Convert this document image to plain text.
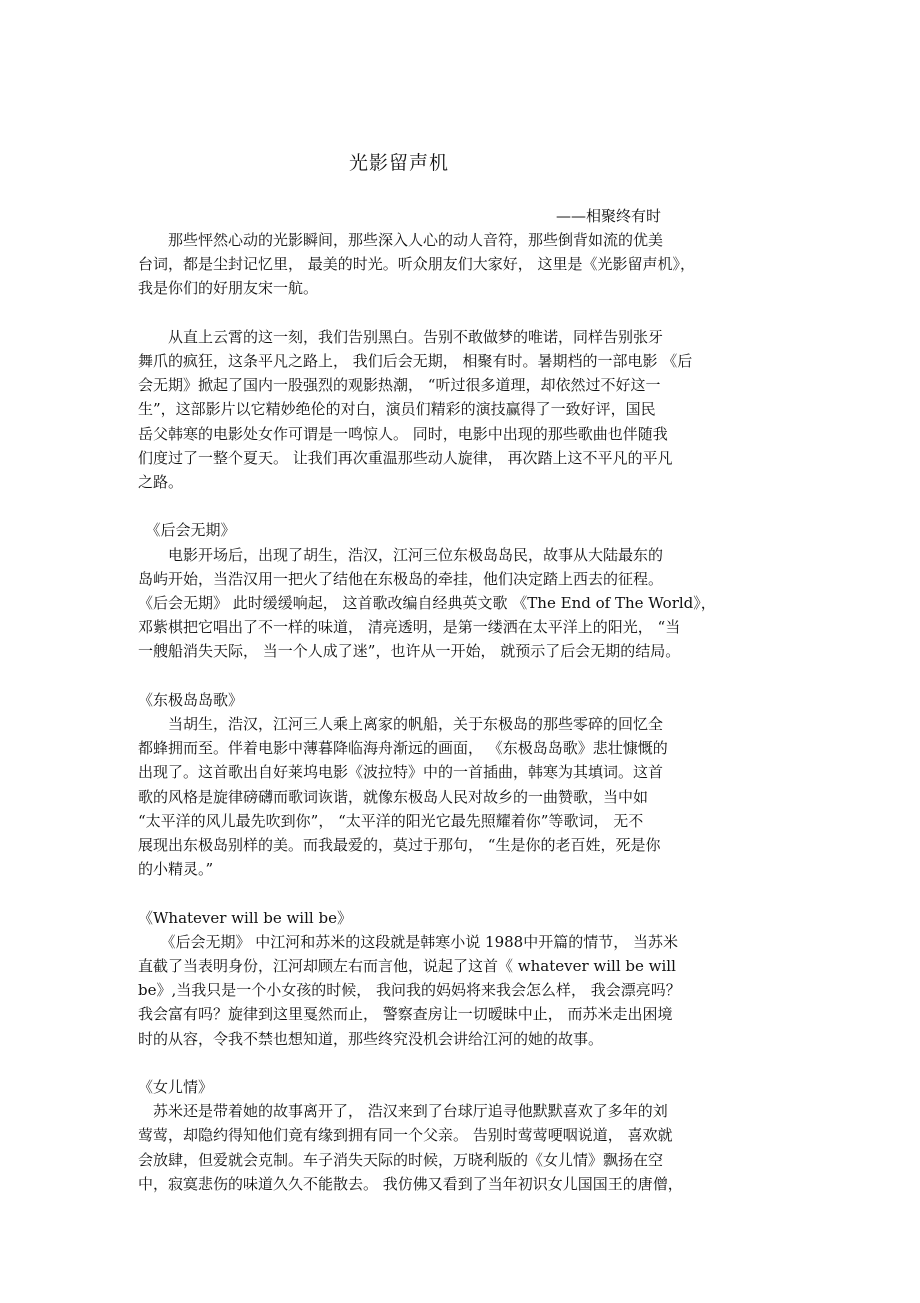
光影留声机
——相聚终有时
　　那些怦然心动的光影瞬间，那些深入人心的动人音符，那些倒背如流的优美
台词，都是尘封记忆里， 最美的时光。听众朋友们大家好， 这里是《光影留声机》，
我是你们的好朋友宋一航。
　　从直上云霄的这一刻，我们告别黑白。告别不敢做梦的唯诺，同样告别张牙
舞爪的疯狂，这条平凡之路上， 我们后会无期， 相聚有时。暑期档的一部电影 《后
会无期》掀起了国内一股强烈的观影热潮， “听过很多道理，却依然过不好这一
生”，这部影片以它精妙绝伦的对白，演员们精彩的演技赢得了一致好评，国民
岳父韩寒的电影处女作可谓是一鸣惊人。 同时，电影中出现的那些歌曲也伴随我
们度过了一整个夏天。 让我们再次重温那些动人旋律， 再次踏上这不平凡的平凡
之路。
　《后会无期》
　　电影开场后，出现了胡生，浩汉，江河三位东极岛岛民，故事从大陆最东的
岛屿开始，当浩汉用一把火了结他在东极岛的牵挂，他们决定踏上西去的征程。
《后会无期》 此时缓缓响起， 这首歌改编自经典英文歌 《The End of The World》，
邓紫棋把它唱出了不一样的味道， 清亮透明，是第一缕洒在太平洋上的阳光， “当
一艘船消失天际， 当一个人成了迷”，也许从一开始， 就预示了后会无期的结局。
《东极岛岛歌》
　　当胡生，浩汉，江河三人乘上离家的帆船，关于东极岛的那些零碎的回忆全
都蜂拥而至。伴着电影中薄暮降临海舟渐远的画面， 《东极岛岛歌》悲壮慷慨的
出现了。这首歌出自好莱坞电影《波拉特》中的一首插曲，韩寒为其填词。这首
歌的风格是旋律磅礴而歌词诙谐，就像东极岛人民对故乡的一曲赞歌，当中如
“太平洋的风儿最先吹到你”， “太平洋的阳光它最先照耀着你”等歌词， 无不
展现出东极岛别样的美。而我最爱的，莫过于那句， “生是你的老百姓，死是你
的小精灵。”
《Whatever will be will be》
　　《后会无期》 中江河和苏米的这段就是韩寒小说 1988中开篇的情节， 当苏米
直截了当表明身份，江河却顾左右而言他，说起了这首《 whatever will be will
be》,当我只是一个小女孩的时候， 我问我的妈妈将来我会怎么样， 我会漂亮吗？
我会富有吗？旋律到这里戛然而止， 警察查房让一切暧昧中止， 而苏米走出困境
时的从容，令我不禁也想知道，那些终究没机会讲给江河的她的故事。
《女儿情》
　苏米还是带着她的故事离开了， 浩汉来到了台球厅追寻他默默喜欢了多年的刘
莺莺，却隐约得知他们竟有缘到拥有同一个父亲。 告别时莺莺哽咽说道， 喜欢就
会放肆，但爱就会克制。车子消失天际的时候，万晓利版的《女儿情》飘扬在空
中，寂寞悲伤的味道久久不能散去。 我仿佛又看到了当年初识女儿国国王的唐僧，
